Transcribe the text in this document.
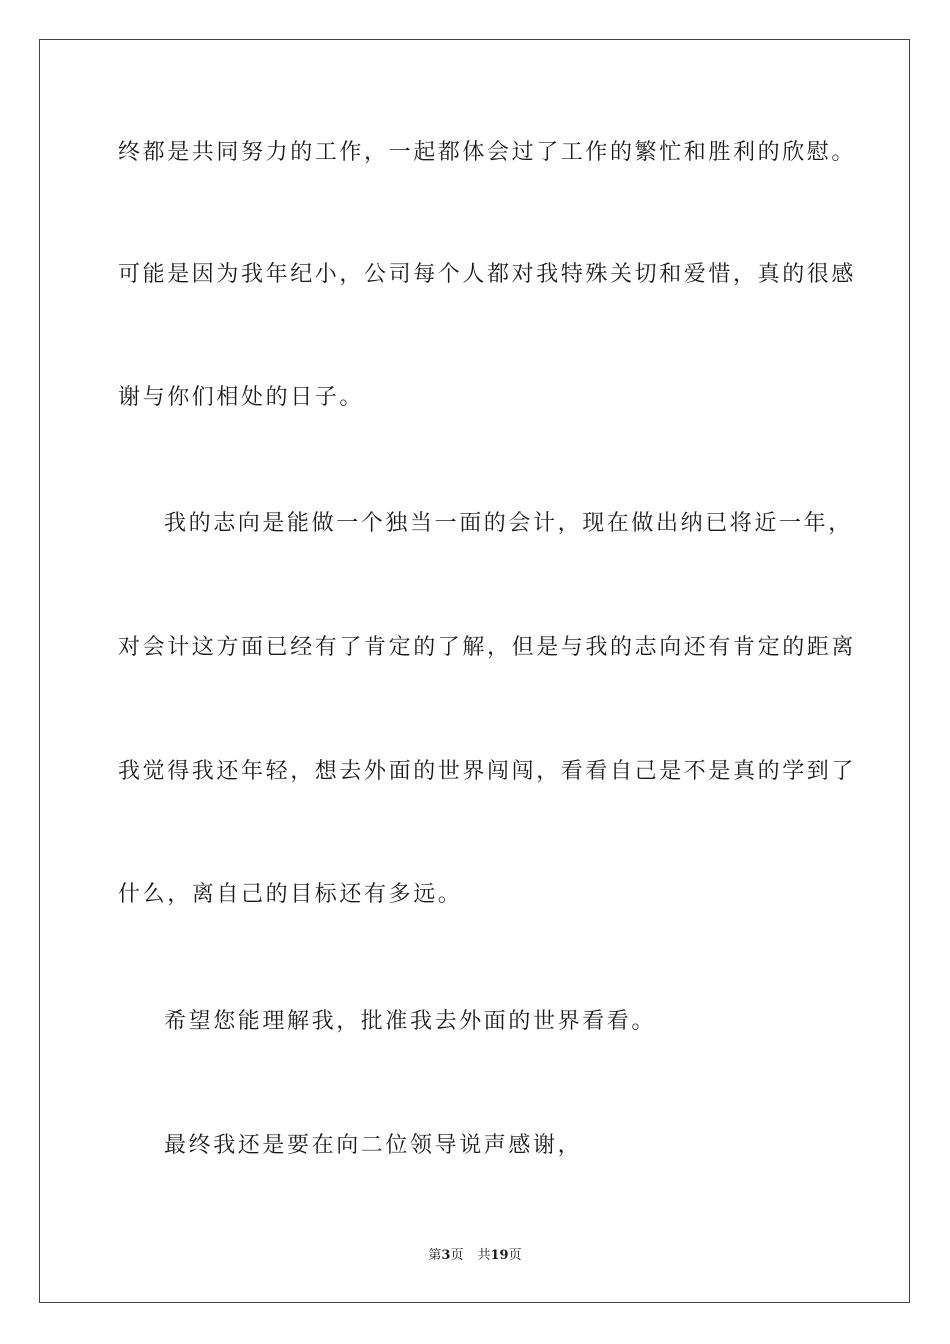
终都是共同努力的工作，一起都体会过了工作的繁忙和胜利的欣慰。
可能是因为我年纪小，公司每个人都对我特殊关切和爱惜，真的很感
谢与你们相处的日子。
我的志向是能做一个独当一面的会计，现在做出纳已将近一年，
对会计这方面已经有了肯定的了解，但是与我的志向还有肯定的距离
我觉得我还年轻，想去外面的世界闯闯，看看自己是不是真的学到了
什么，离自己的目标还有多远。
希望您能理解我，批准我去外面的世界看看。
最终我还是要在向二位领导说声感谢，
第3页 共19页
